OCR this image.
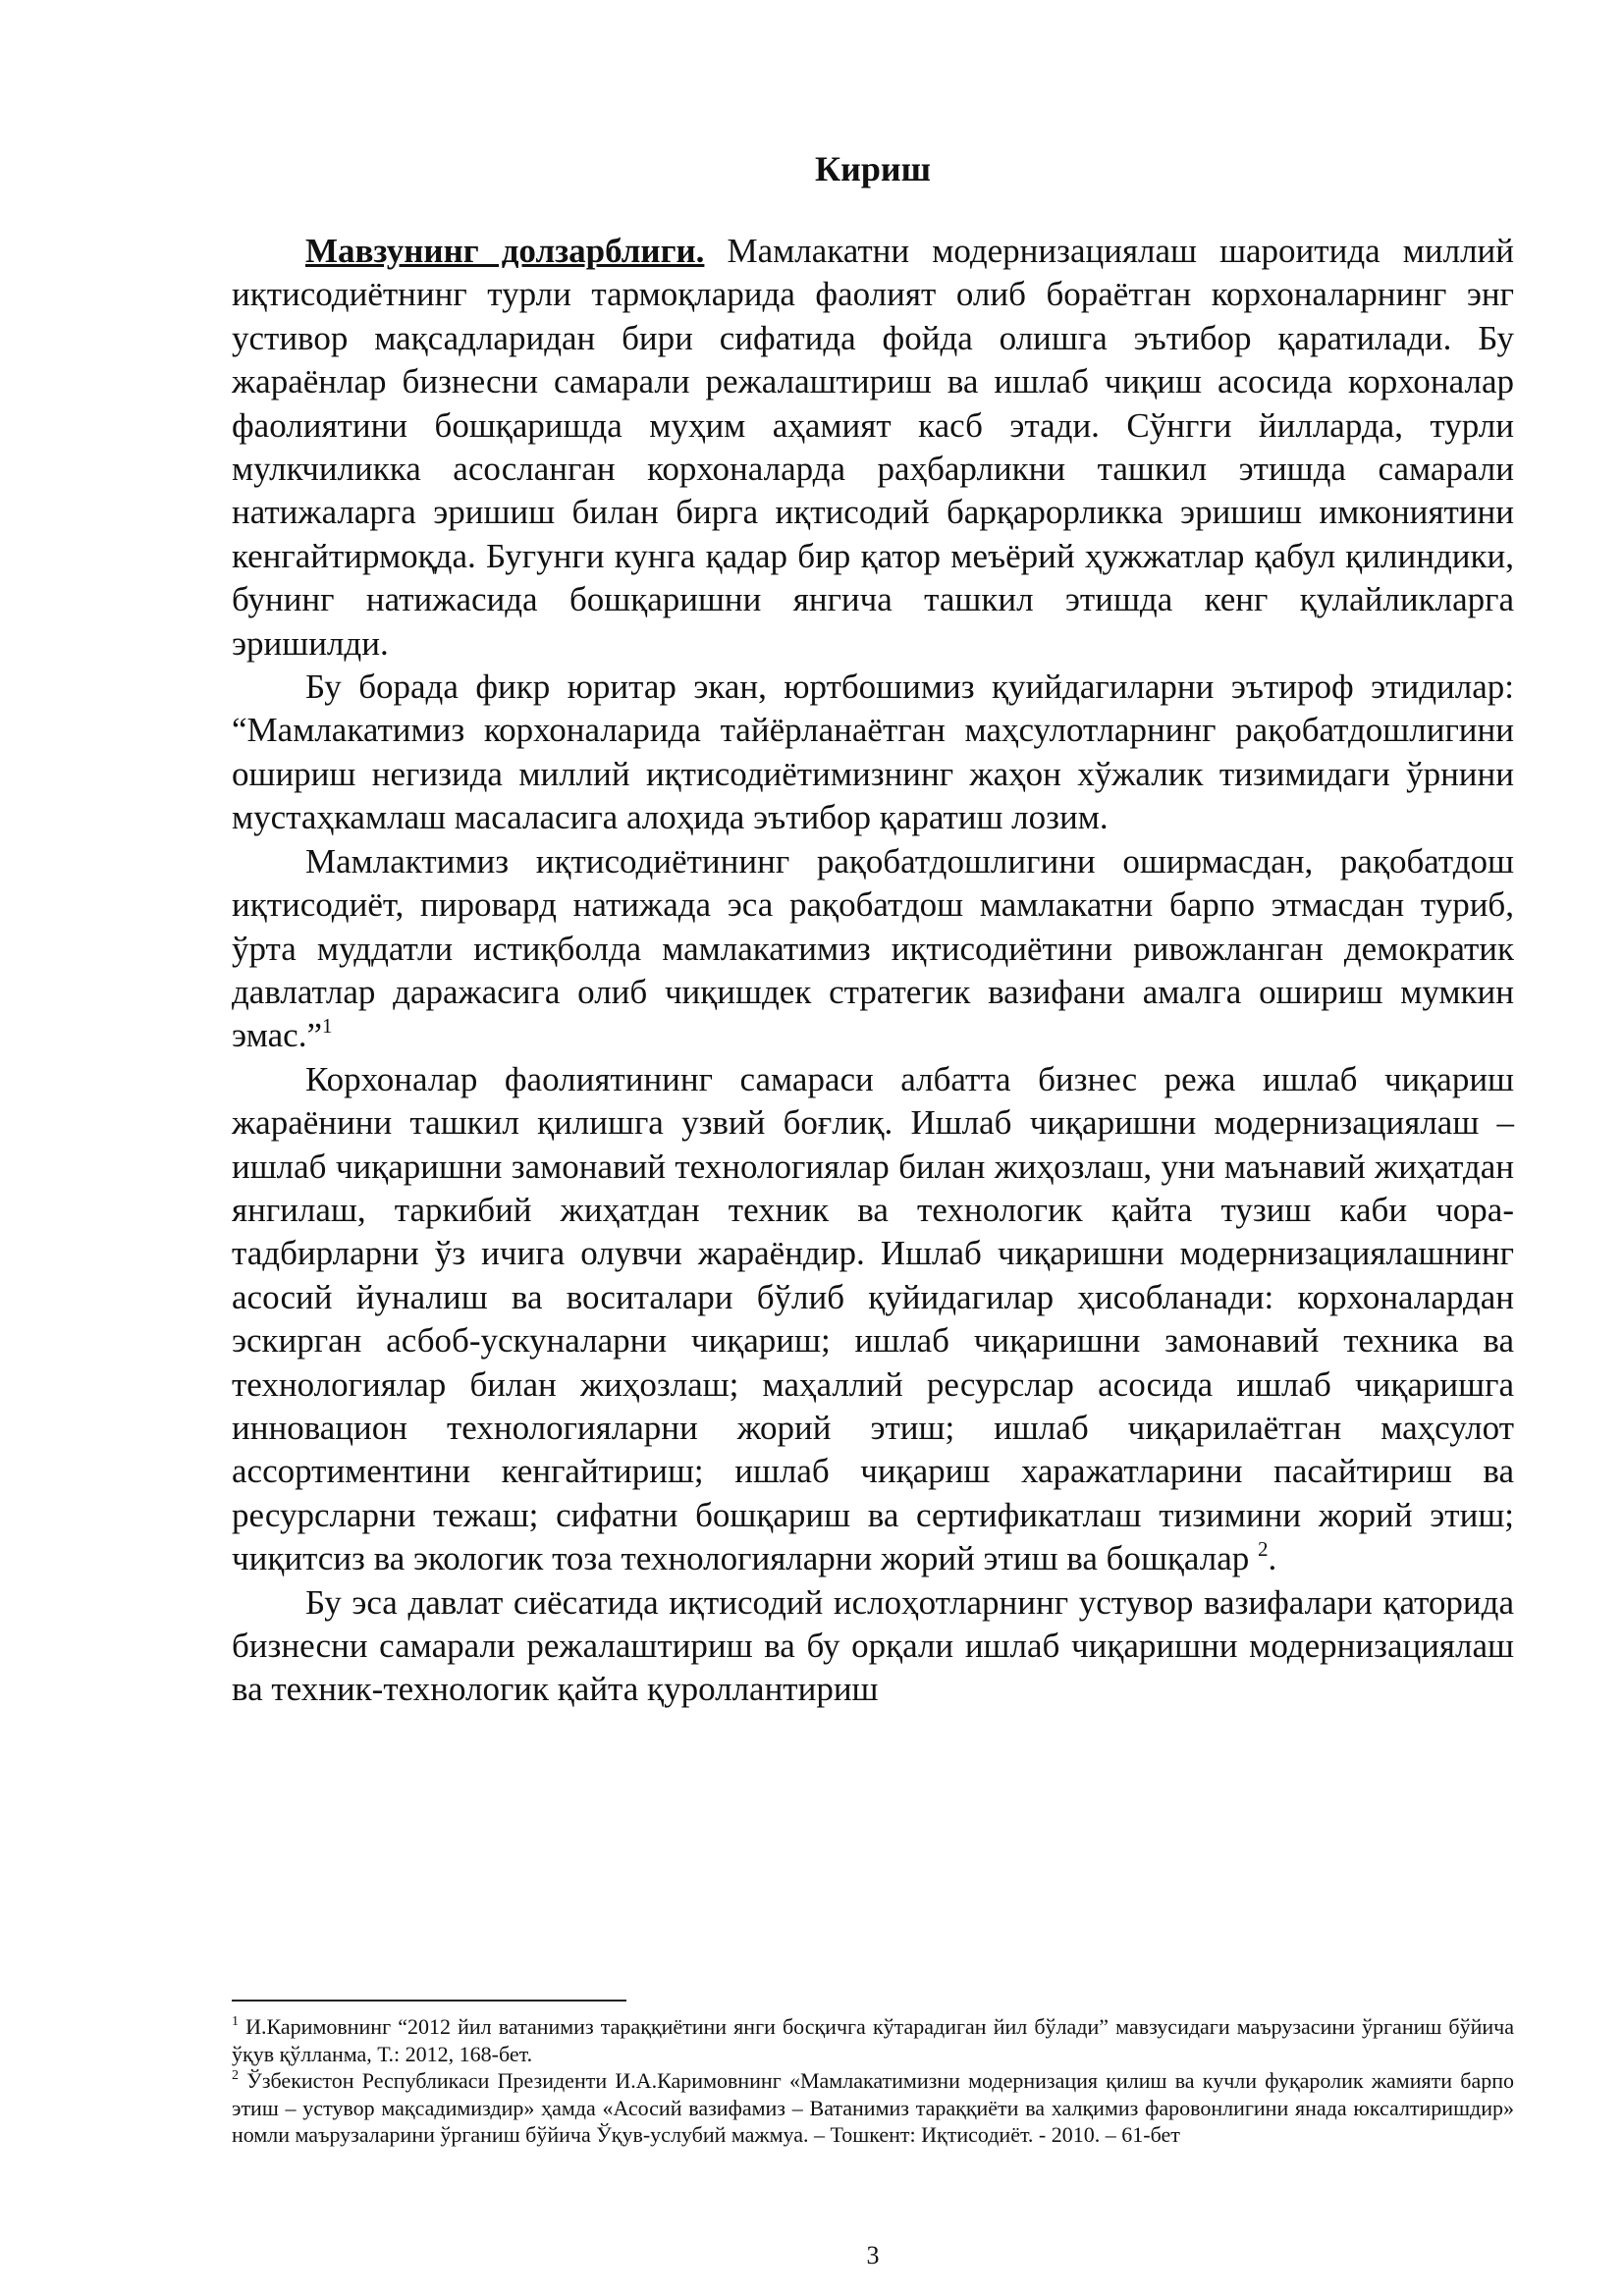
Кириш

Мавзунинг долзарблиги. Мамлакатни модернизациялаш шароитида миллий иқтисодиётнинг турли тармоқларида фаолият олиб бораётган корхоналарнинг энг устивор мақсадларидан бири сифатида фойда олишга эътибор қаратилади. Бу жараёнлар бизнесни самарали режалаштириш ва ишлаб чиқиш асосида корхоналар фаолиятини бошқаришда муҳим аҳамият касб этади. Сўнгги йилларда, турли мулкчиликка асосланган корхоналарда раҳбарликни ташкил этишда самарали натижаларга эришиш билан бирга иқтисодий барқарорликка эришиш имкониятини кенгайтирмоқда. Бугунги кунга қадар бир қатор меъёрий ҳужжатлар қабул қилиндики, бунинг натижасида бошқаришни янгича ташкил этишда кенг қулайликларга эришилди.

Бу борада фикр юритар экан, юртбошимиз қуийдагиларни эътироф этидилар: “Мамлакатимиз корхоналарида тайёрланаётган маҳсулотларнинг рақобатдошлигини ошириш негизида миллий иқтисодиётимизнинг жаҳон хўжалик тизимидаги ўрнини мустаҳкамлаш масаласига алоҳида эътибор қаратиш лозим.

Мамлактимиз иқтисодиётининг рақобатдошлигини оширмасдан, рақобатдош иқтисодиёт, пировард натижада эса рақобатдош мамлакатни барпо этмасдан туриб, ўрта муддатли истиқболда мамлакатимиз иқтисодиётини ривожланган демократик давлатлар даражасига олиб чиқишдек стратегик вазифани амалга ошириш мумкин эмас.”$^1$

Корхоналар фаолиятининг самараси албатта бизнес режа ишлаб чиқариш жараёнини ташкил қилишга узвий боғлиқ. Ишлаб чиқаришни модернизациялаш – ишлаб чиқаришни замонавий технологиялар билан жиҳозлаш, уни маънавий жиҳатдан янгилаш, таркибий жиҳатдан техник ва технологик қайта тузиш каби чора-тадбирларни ўз ичига олувчи жараёндир. Ишлаб чиқаришни модернизациялашнинг асосий йуналиш ва воситалари бўлиб қуйидагилар ҳисобланади: корхоналардан эскирган асбоб-ускуналарни чиқариш; ишлаб чиқаришни замонавий техника ва технологиялар билан жиҳозлаш; маҳаллий ресурслар асосида ишлаб чиқаришга инновацион технологияларни жорий этиш; ишлаб чиқарилаётган маҳсулот ассортиментини кенгайтириш; ишлаб чиқариш харажатларини пасайтириш ва ресурсларни тежаш; сифатни бошқариш ва сертификатлаш тизимини жорий этиш; чиқитсиз ва экологик тоза технологияларни жорий этиш ва бошқалар $^2$.

Бу эса давлат сиёсатида иқтисодий ислоҳотларнинг устувор вазифалари қаторида бизнесни самарали режалаштириш ва бу орқали ишлаб чиқаришни модернизациялаш ва техник-технологик қайта қуроллантириш

$^1$ И.Каримовнинг “2012 йил ватанимиз тараққиётини янги босқичга кўтарадиган йил бўлади” мавзусидаги маърузасини ўрганиш бўйича ўқув қўлланма, Т.: 2012, 168-бет.

$^2$ Ўзбекистон Республикаси Президенти И.А.Каримовнинг «Мамлакатимизни модернизация қилиш ва кучли фуқаролик жамияти барпо этиш – устувор мақсадимиздир» ҳамда «Асосий вазифамиз – Ватанимиз тараққиёти ва халқимиз фаровонлигини янада юксалтиришдир» номли маърузаларини ўрганиш бўйича Ўқув-услубий мажмуа. – Тошкент: Иқтисодиёт. - 2010. – 61-бет

3
